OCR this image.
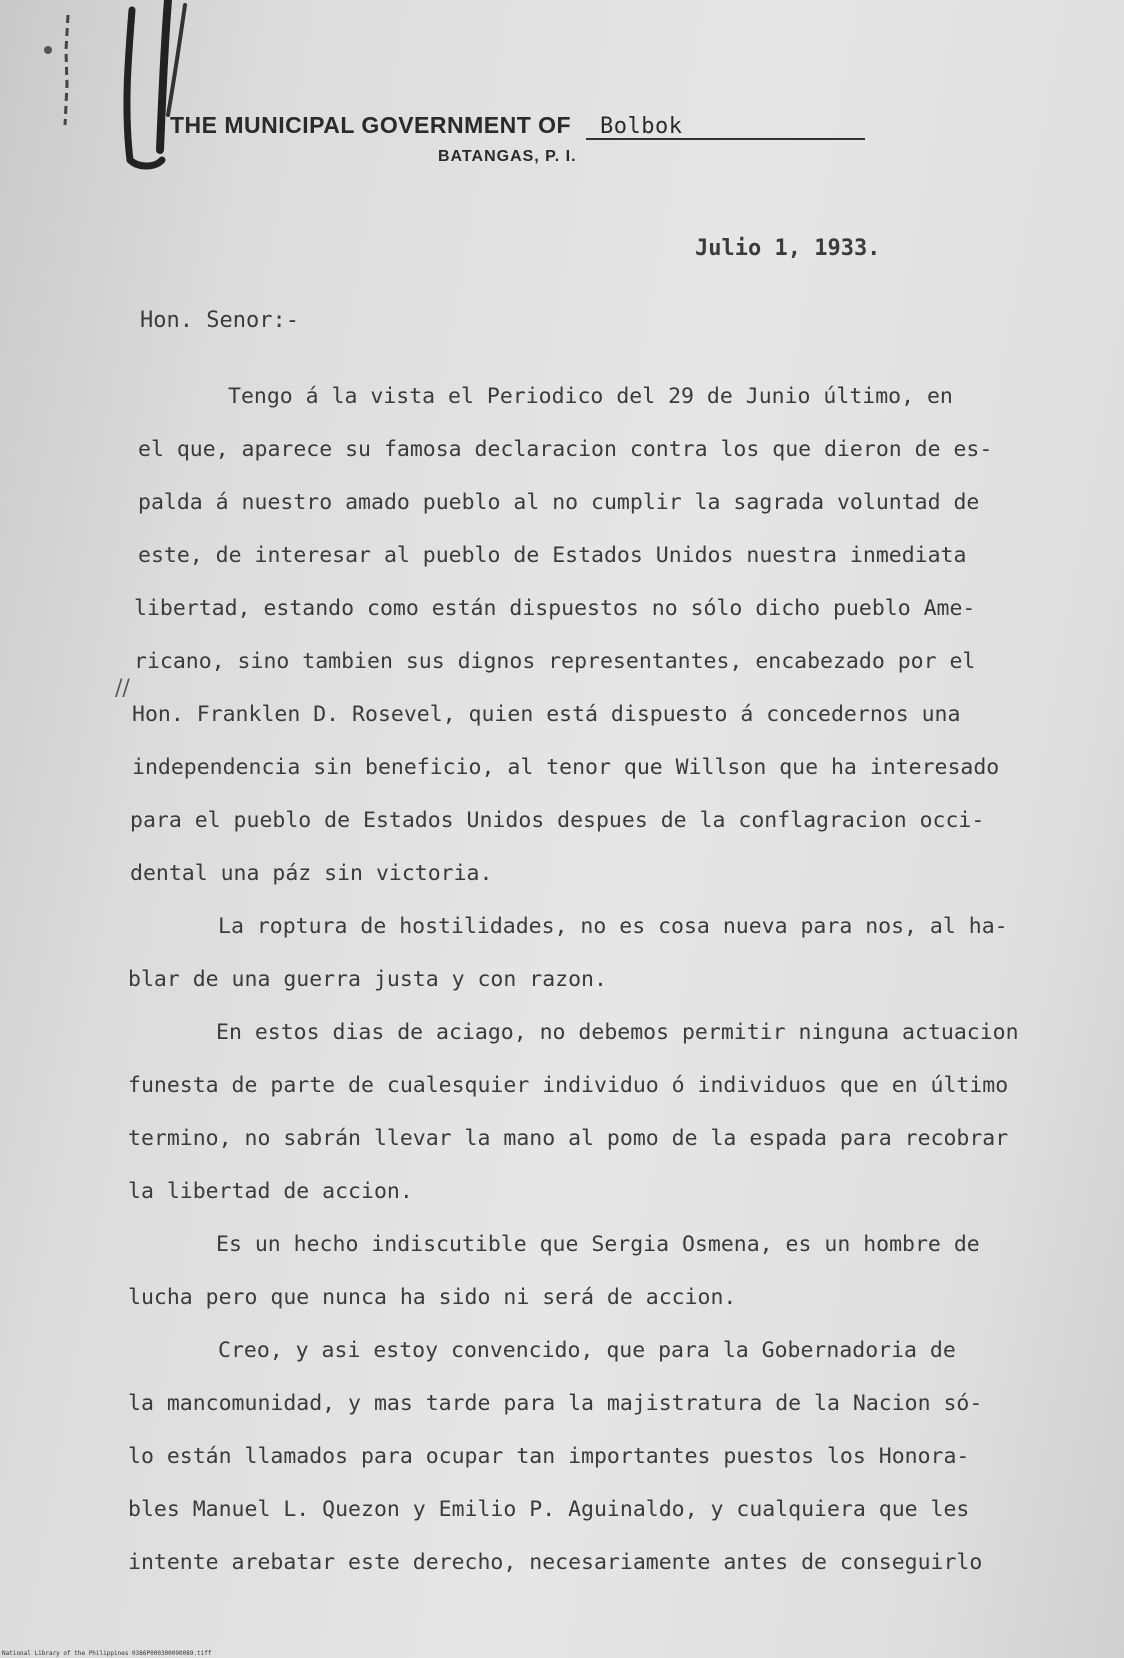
THE MUNICIPAL GOVERNMENT OF Bolbok
BATANGAS, P. I.
Julio 1, 1933.
Hon. Senor:-
//
Tengo á la vista el Periodico del 29 de Junio último, en
el que, aparece su famosa declaracion contra los que dieron de es-
palda á nuestro amado pueblo al no cumplir la sagrada voluntad de
este, de interesar al pueblo de Estados Unidos nuestra inmediata
libertad, estando como están dispuestos no sólo dicho pueblo Ame-
ricano, sino tambien sus dignos representantes, encabezado por el
Hon. Franklen D. Rosevel, quien está dispuesto á concedernos una
independencia sin beneficio, al tenor que Willson que ha interesado
para el pueblo de Estados Unidos despues de la conflagracion occi-
dental una páz sin victoria.
La roptura de hostilidades, no es cosa nueva para nos, al ha-
blar de una guerra justa y con razon.
En estos dias de aciago, no debemos permitir ninguna actuacion
funesta de parte de cualesquier individuo ó individuos que en último
termino, no sabrán llevar la mano al pomo de la espada para recobrar
la libertad de accion.
Es un hecho indiscutible que Sergia Osmena, es un hombre de
lucha pero que nunca ha sido ni será de accion.
Creo, y asi estoy convencido, que para la Gobernadoria de
la mancomunidad, y mas tarde para la majistratura de la Nacion só-
lo están llamados para ocupar tan importantes puestos los Honora-
bles Manuel L. Quezon y Emilio P. Aguinaldo, y cualquiera que les
intente arebatar este derecho, necesariamente antes de conseguirlo
National Library of the Philippines 0386P000300090089.tiff
